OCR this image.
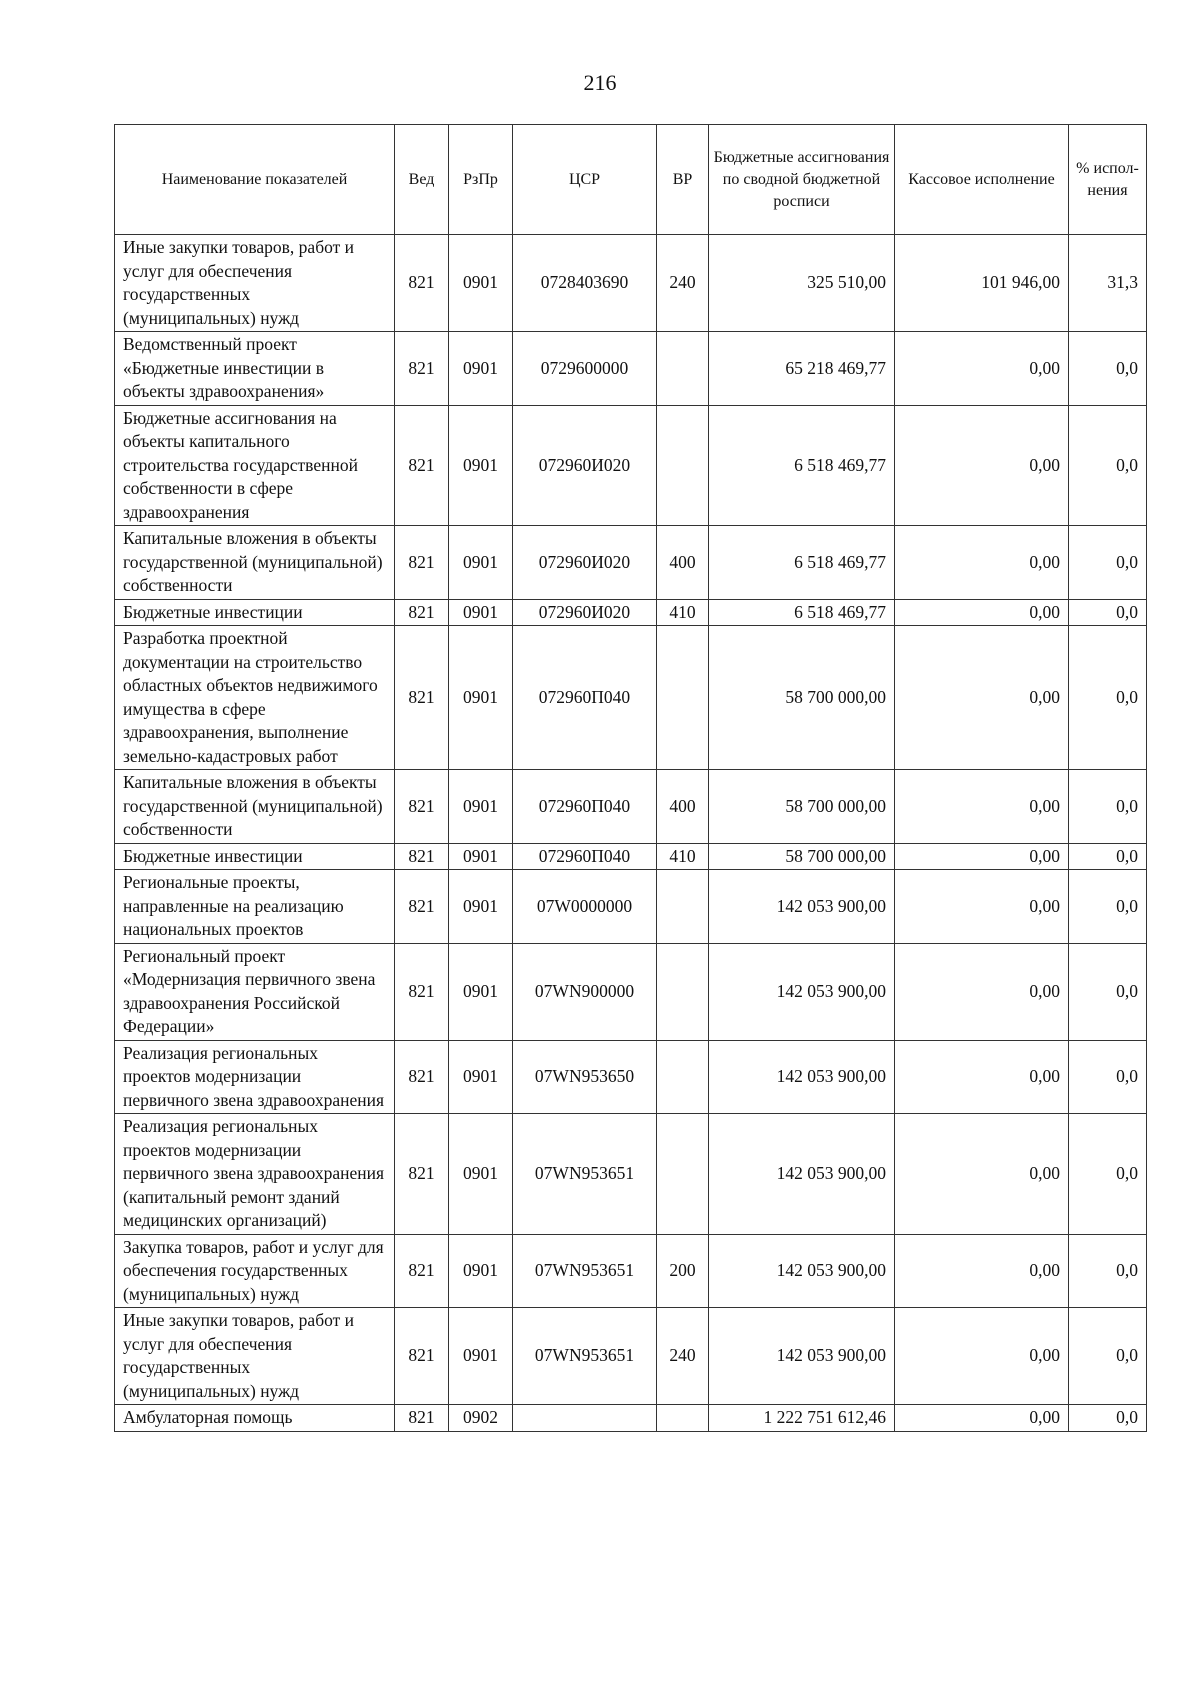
216
Наименование показателей	Вед	РзПр	ЦСР	ВР	Бюджетные ассигнования по сводной бюджетной росписи	Кассовое исполнение	% испол-нения
Иные закупки товаров, работ и услуг для обеспечения государственных (муниципальных) нужд	821	0901	0728403690	240	325 510,00	101 946,00	31,3
Ведомственный проект «Бюджетные инвестиции в объекты здравоохранения»	821	0901	0729600000		65 218 469,77	0,00	0,0
Бюджетные ассигнования на объекты капитального строительства государственной собственности в сфере здравоохранения	821	0901	072960И020		6 518 469,77	0,00	0,0
Капитальные вложения в объекты государственной (муниципальной) собственности	821	0901	072960И020	400	6 518 469,77	0,00	0,0
Бюджетные инвестиции	821	0901	072960И020	410	6 518 469,77	0,00	0,0
Разработка проектной документации на строительство областных объектов недвижимого имущества в сфере здравоохранения, выполнение земельно-кадастровых работ	821	0901	072960П040		58 700 000,00	0,00	0,0
Капитальные вложения в объекты государственной (муниципальной) собственности	821	0901	072960П040	400	58 700 000,00	0,00	0,0
Бюджетные инвестиции	821	0901	072960П040	410	58 700 000,00	0,00	0,0
Региональные проекты, направленные на реализацию национальных проектов	821	0901	07W0000000		142 053 900,00	0,00	0,0
Региональный проект «Модернизация первичного звена здравоохранения Российской Федерации»	821	0901	07WN900000		142 053 900,00	0,00	0,0
Реализация региональных проектов модернизации первичного звена здравоохранения	821	0901	07WN953650		142 053 900,00	0,00	0,0
Реализация региональных проектов модернизации первичного звена здравоохранения (капитальный ремонт зданий медицинских организаций)	821	0901	07WN953651		142 053 900,00	0,00	0,0
Закупка товаров, работ и услуг для обеспечения государственных (муниципальных) нужд	821	0901	07WN953651	200	142 053 900,00	0,00	0,0
Иные закупки товаров, работ и услуг для обеспечения государственных (муниципальных) нужд	821	0901	07WN953651	240	142 053 900,00	0,00	0,0
Амбулаторная помощь	821	0902			1 222 751 612,46	0,00	0,0
